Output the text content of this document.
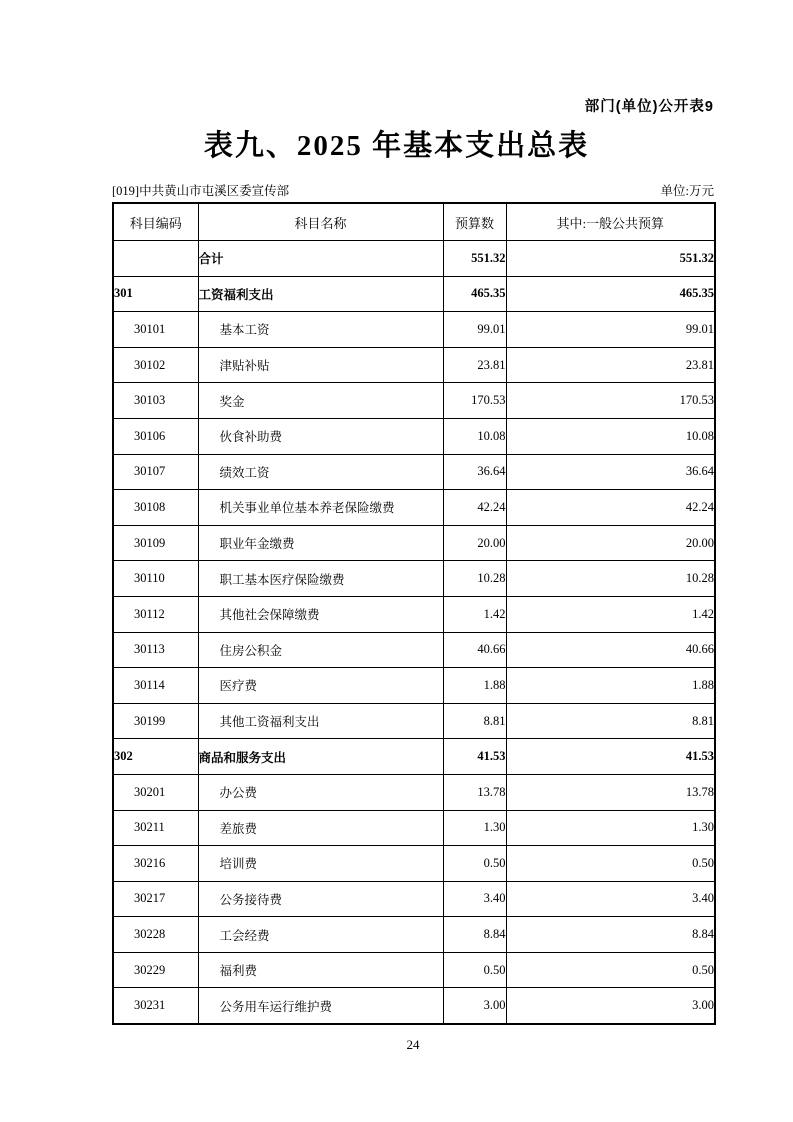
部门(单位)公开表9
表九、2025 年基本支出总表
[019]中共黄山市屯溪区委宣传部	单位:万元
科目编码	科目名称	预算数	其中:一般公共预算
	合计	551.32	551.32
301	工资福利支出	465.35	465.35
30101	基本工资	99.01	99.01
30102	津贴补贴	23.81	23.81
30103	奖金	170.53	170.53
30106	伙食补助费	10.08	10.08
30107	绩效工资	36.64	36.64
30108	机关事业单位基本养老保险缴费	42.24	42.24
30109	职业年金缴费	20.00	20.00
30110	职工基本医疗保险缴费	10.28	10.28
30112	其他社会保障缴费	1.42	1.42
30113	住房公积金	40.66	40.66
30114	医疗费	1.88	1.88
30199	其他工资福利支出	8.81	8.81
302	商品和服务支出	41.53	41.53
30201	办公费	13.78	13.78
30211	差旅费	1.30	1.30
30216	培训费	0.50	0.50
30217	公务接待费	3.40	3.40
30228	工会经费	8.84	8.84
30229	福利费	0.50	0.50
30231	公务用车运行维护费	3.00	3.00
24
